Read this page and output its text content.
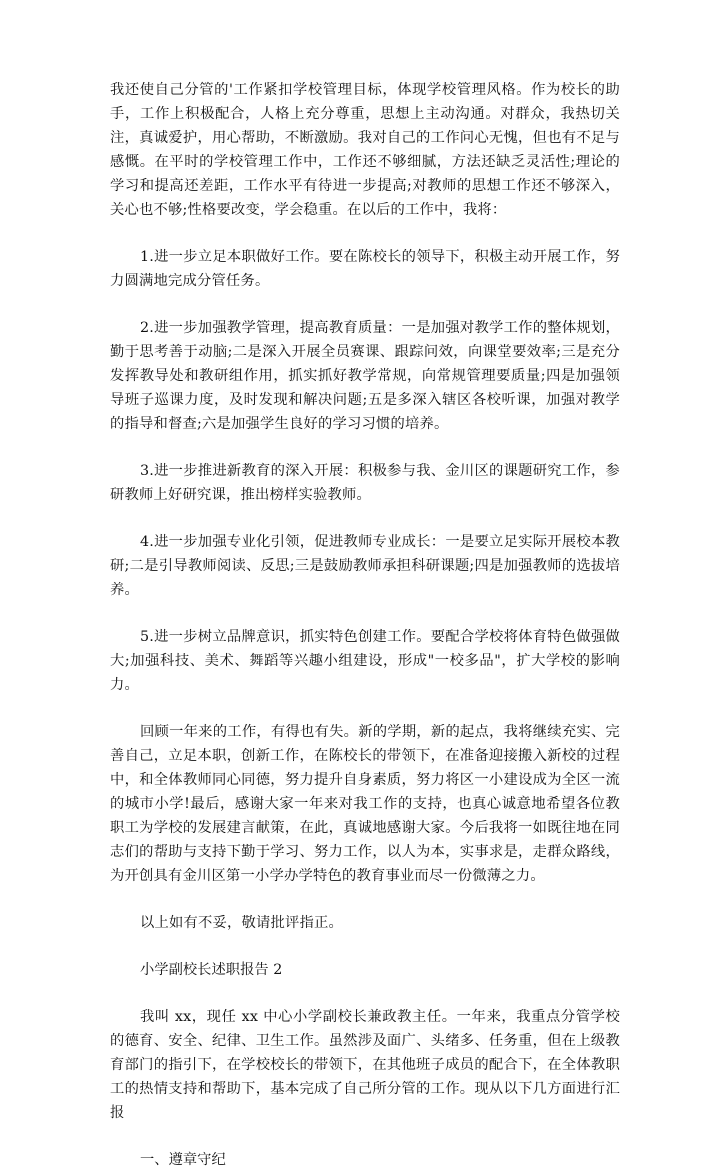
我还使自己分管的'工作紧扣学校管理目标，体现学校管理风格。作为校长的助手，工作上积极配合，人格上充分尊重，思想上主动沟通。对群众，我热切关注，真诚爱护，用心帮助，不断激励。我对自己的工作问心无愧，但也有不足与感慨。在平时的学校管理工作中，工作还不够细腻，方法还缺乏灵活性;理论的学习和提高还差距，工作水平有待进一步提高;对教师的思想工作还不够深入，关心也不够;性格要改变，学会稳重。在以后的工作中，我将：

1.进一步立足本职做好工作。要在陈校长的领导下，积极主动开展工作，努力圆满地完成分管任务。

2.进一步加强教学管理，提高教育质量：一是加强对教学工作的整体规划，勤于思考善于动脑;二是深入开展全员赛课、跟踪问效，向课堂要效率;三是充分发挥教导处和教研组作用，抓实抓好教学常规，向常规管理要质量;四是加强领导班子巡课力度，及时发现和解决问题;五是多深入辖区各校听课，加强对教学的指导和督查;六是加强学生良好的学习习惯的培养。

3.进一步推进新教育的深入开展：积极参与我、金川区的课题研究工作，参研教师上好研究课，推出榜样实验教师。

4.进一步加强专业化引领，促进教师专业成长：一是要立足实际开展校本教研;二是引导教师阅读、反思;三是鼓励教师承担科研课题;四是加强教师的选拔培养。

5.进一步树立品牌意识，抓实特色创建工作。要配合学校将体育特色做强做大;加强科技、美术、舞蹈等兴趣小组建设，形成"一校多品"，扩大学校的影响力。

回顾一年来的工作，有得也有失。新的学期，新的起点，我将继续充实、完善自己，立足本职，创新工作，在陈校长的带领下，在准备迎接搬入新校的过程中，和全体教师同心同德，努力提升自身素质，努力将区一小建设成为全区一流的城市小学!最后，感谢大家一年来对我工作的支持，也真心诚意地希望各位教职工为学校的发展建言献策，在此，真诚地感谢大家。今后我将一如既往地在同志们的帮助与支持下勤于学习、努力工作，以人为本，实事求是，走群众路线，为开创具有金川区第一小学办学特色的教育事业而尽一份微薄之力。

以上如有不妥，敬请批评指正。

小学副校长述职报告 2

我叫 xx，现任 xx 中心小学副校长兼政教主任。一年来，我重点分管学校的德育、安全、纪律、卫生工作。虽然涉及面广、头绪多、任务重，但在上级教育部门的指引下，在学校校长的带领下，在其他班子成员的配合下，在全体教职工的热情支持和帮助下，基本完成了自己所分管的工作。现从以下几方面进行汇报

一、遵章守纪
